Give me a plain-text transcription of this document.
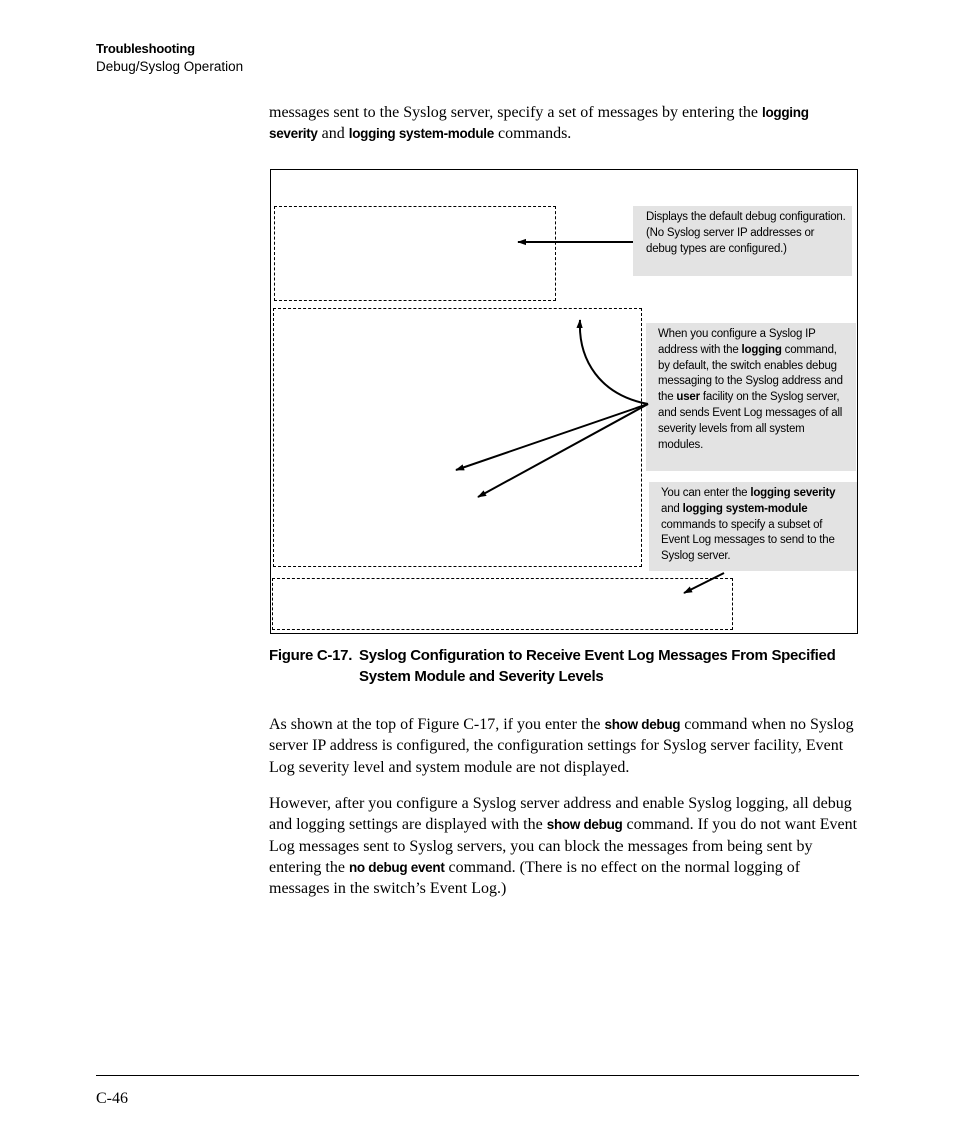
Troubleshooting
Debug/Syslog Operation

messages sent to the Syslog server, specify a set of messages by entering the logging severity and logging system-module commands.

Displays the default debug configuration. (No Syslog server IP addresses or debug types are configured.)
When you configure a Syslog IP address with the logging command, by default, the switch enables debug messaging to the Syslog address and the user facility on the Syslog server, and sends Event Log messages of all severity levels from all system modules.
You can enter the logging severity and logging system-module commands to specify a subset of Event Log messages to send to the Syslog server.
Figure C-17. Syslog Configuration to Receive Event Log Messages From Specified System Module and Severity Levels

As shown at the top of Figure C-17, if you enter the show debug command when no Syslog server IP address is configured, the configuration settings for Syslog server facility, Event Log severity level and system module are not displayed.

However, after you configure a Syslog server address and enable Syslog logging, all debug and logging settings are displayed with the show debug command. If you do not want Event Log messages sent to Syslog servers, you can block the messages from being sent by entering the no debug event command. (There is no effect on the normal logging of messages in the switch’s Event Log.)

C-46
